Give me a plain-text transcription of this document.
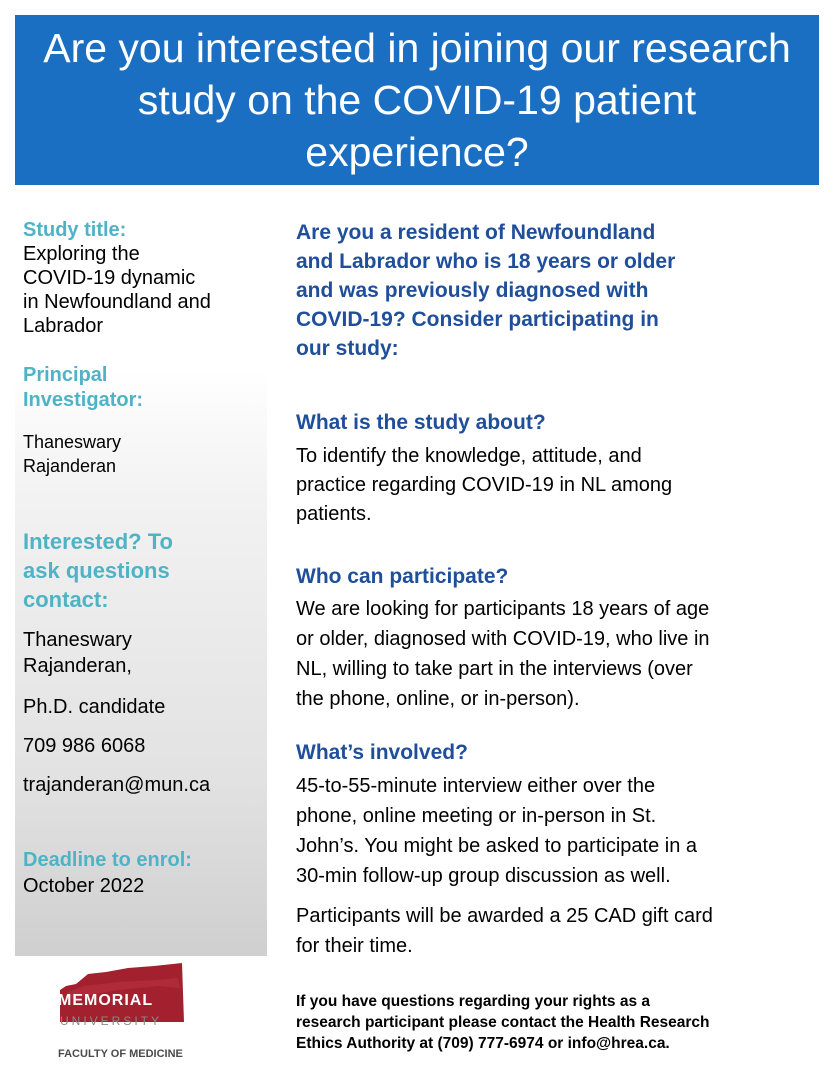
Are you interested in joining our research study on the COVID-19 patient experience?

Study title:

Exploring the

COVID-19 dynamic

in Newfoundland and

Labrador

Principal

Investigator:

Thaneswary

Rajanderan

Interested? To

ask questions

contact:

Thaneswary

Rajanderan,

Ph.D. candidate

709 986 6068

trajanderan@mun.ca

Deadline to enrol:

October 2022

Are you a resident of Newfoundland

and Labrador who is 18 years or older

and was previously diagnosed with

COVID-19? Consider participating in

our study:

What is the study about?

To identify the knowledge, attitude, and

practice regarding COVID-19 in NL among

patients.

Who can participate?

We are looking for participants 18 years of age

or older, diagnosed with COVID-19, who live in

NL, willing to take part in the interviews (over

the phone, online, or in-person).

What’s involved?

45-to-55-minute interview either over the

phone, online meeting or in-person in St.

John’s. You might be asked to participate in a

30-min follow-up group discussion as well.

Participants will be awarded a 25 CAD gift card

for their time.

MEMORIAL

UNIVERSITY

FACULTY OF MEDICINE

If you have questions regarding your rights as a
research participant please contact the Health Research
Ethics Authority at (709) 777-6974 or info@hrea.ca.
